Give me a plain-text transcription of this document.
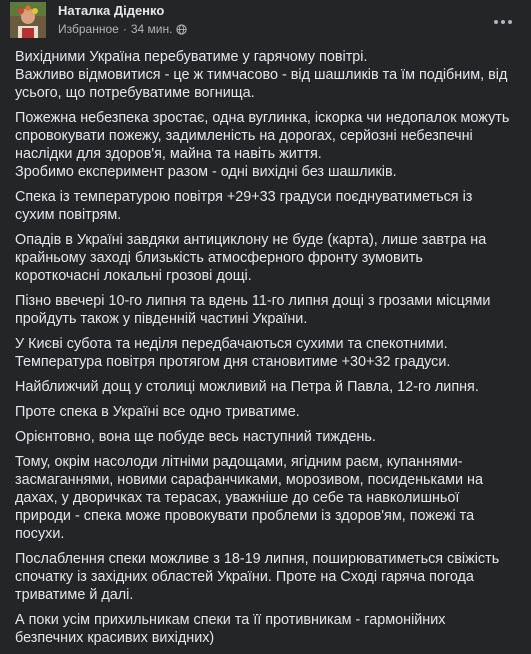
Наталка Діденко
Избранное · 34 мин.

Вихідними Україна перебуватиме у гарячому повітрі.
Важливо відмовитися - це ж тимчасово - від шашликів та їм подібним, від усього, що потребуватиме вогнища.

Пожежна небезпека зростає, одна вуглинка, іскорка чи недопалок можуть спровокувати пожежу, задимленість на дорогах, серйозні небезпечні наслідки для здоров'я, майна та навіть життя.
Зробимо експеримент разом - одні вихідні без шашликів.

Спека із температурою повітря +29+33 градуси поєднуватиметься із сухим повітрям.

Опадів в Україні завдяки антициклону не буде (карта), лише завтра на крайньому заході близькість атмосферного фронту зумовить короткочасні локальні грозові дощі.

Пізно ввечері 10-го липня та вдень 11-го липня дощі з грозами місцями пройдуть також у південній частині України.

У Києві субота та неділя передбачаються сухими та спекотними.
Температура повітря протягом дня становитиме +30+32 градуси.

Найближчий дощ у столиці можливий на Петра й Павла, 12-го липня.

Проте спека в Україні все одно триватиме.

Орієнтовно, вона ще побуде весь наступний тиждень.

Тому, окрім насолоди літніми радощами, ягідним раєм, купаннями-засмаганнями, новими сарафанчиками, морозивом, посиденьками на дахах, у дворичках та терасах, уважніше до себе та навколишньої природи - спека може провокувати проблеми із здоров'ям, пожежі та посухи.

Послаблення спеки можливе з 18-19 липня, поширюватиметься свіжість спочатку із західних областей України. Проте на Сході гаряча погода триватиме й далі.

А поки усім прихильникам спеки та її противникам - гармонійних безпечних красивих вихідних)
